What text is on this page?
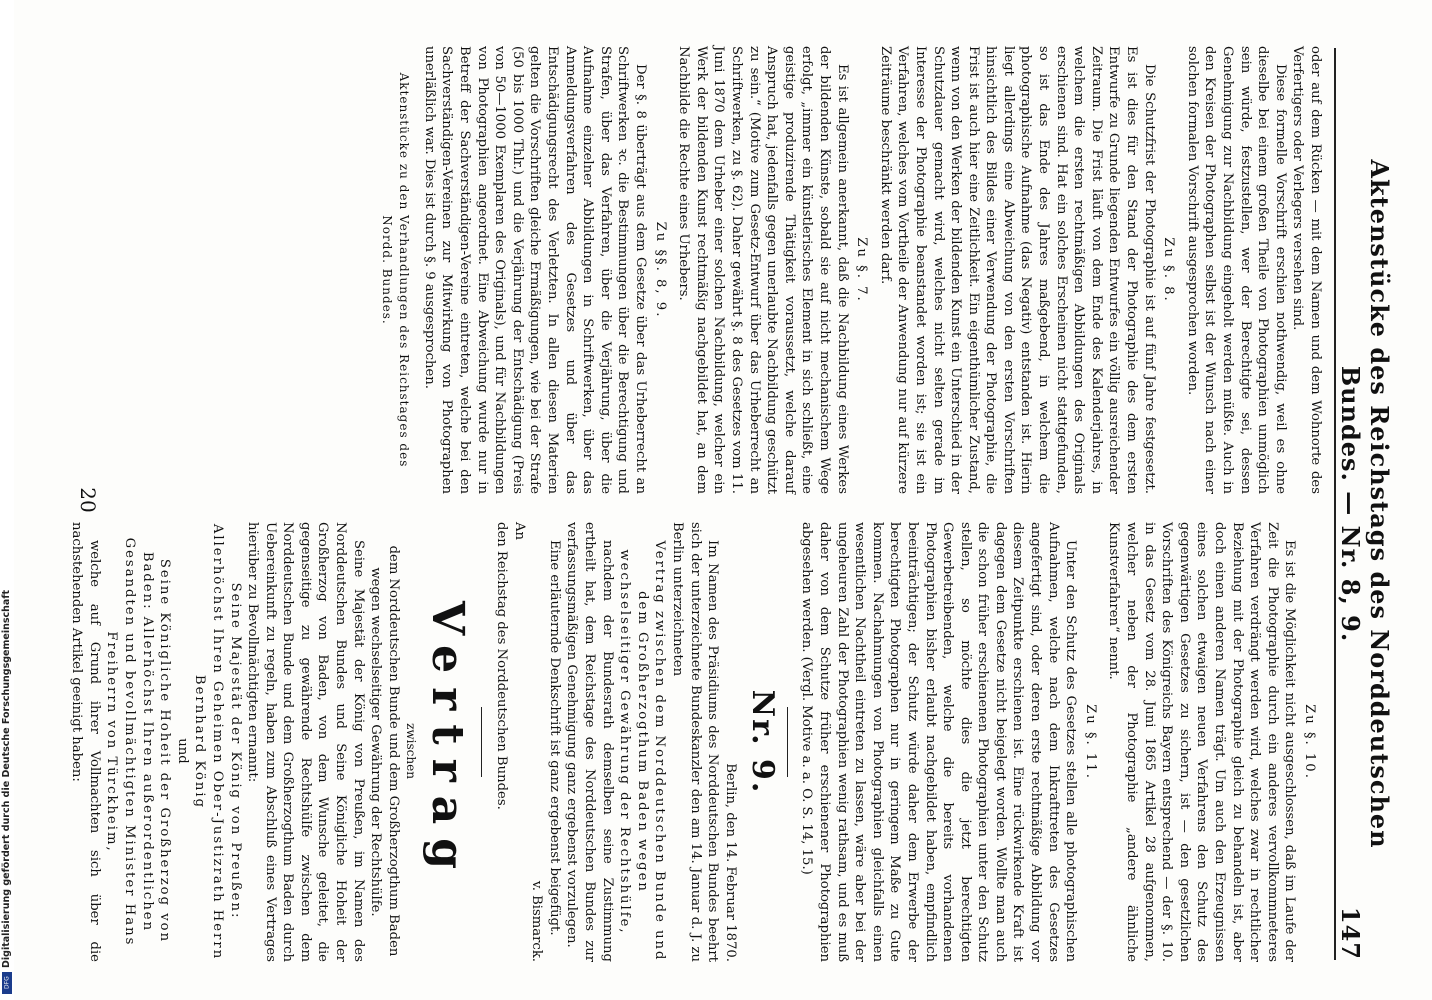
Aktenstücke des Reichstags des Norddeutschen Bundes. — Nr. 8, 9.
147

oder auf dem Rücken — mit dem Namen und dem Wohnorte des Verfertigers oder Verlegers versehen sind.

Diese formelle Vorschrift erschien nothwendig, weil es ohne dieselbe bei einem großen Theile von Photographien unmöglich sein würde, festzustellen, wer der Berechtigte sei, dessen Genehmigung zur Nachbildung eingeholt werden müßte. Auch in den Kreisen der Photographen selbst ist der Wunsch nach einer solchen formalen Vorschrift ausgesprochen worden.

Zu §. 8.

Die Schutzfrist der Photographie ist auf fünf Jahre festgesetzt. Es ist dies für den Stand der Photographie des dem ersten Entwurfe zu Grunde liegenden Entwurfes ein völlig ausreichender Zeitraum. Die Frist läuft von dem Ende des Kalenderjahres, in welchem die ersten rechtmäßigen Abbildungen des Originals erschienen sind. Hat ein solches Erscheinen nicht stattgefunden, so ist das Ende des Jahres maßgebend, in welchem die photographische Aufnahme (das Negativ) entstanden ist. Hierin liegt allerdings eine Abweichung von den ersten Vorschriften hinsichtlich des Bildes einer Verwendung der Photographie, die Frist ist auch hier eine Zeitlichkeit. Ein eigenthümlicher Zustand, wenn von den Werken der bildenden Kunst ein Unterschied in der Schutzdauer gemacht wird, welches nicht selten gerade im Interesse der Photographie beanstandet worden ist; sie ist ein Verfahren, welches vom Vortheile der Anwendung nur auf kürzere Zeiträume beschränkt werden darf.

Zu §. 7.

Es ist allgemein anerkannt, daß die Nachbildung eines Werkes der bildenden Künste, sobald sie auf nicht mechanischem Wege erfolgt, „immer ein künstlerisches Element in sich schließt, eine geistige produzirende Thätigkeit voraussetzt, welche darauf Anspruch hat, jedenfalls gegen unerlaubte Nachbildung geschützt zu sein.“ (Motive zum Gesetz-Entwurf über das Urheberrecht an Schriftwerken, zu §. 62). Daher gewährt §. 8 des Gesetzes vom 11. Juni 1870 dem Urheber einer solchen Nachbildung, welcher ein Werk der bildenden Kunst rechtmäßig nachgebildet hat, an dem Nachbilde die Rechte eines Urhebers.

Zu §§. 8, 9.

Der §. 8 überträgt aus dem Gesetze über das Urheberrecht an Schriftwerken ꝛc. die Bestimmungen über die Berechtigung und Strafen, über das Verfahren, über die Verjährung, über die Aufnahme einzelner Abbildungen in Schriftwerken, über das Anmeldungsverfahren des Gesetzes und über das Entschädigungsrecht des Verletzten. In allen diesen Materien gelten die Vorschriften gleiche Ermäßigungen, wie bei der Strafe (50 bis 1000 Thlr.) und die Verjährung der Entschädigung (Preis von 50—1000 Exemplaren des Originals), und für Nachbildungen von Photographien angeordnet. Eine Abweichung wurde nur in Betreff der Sachverständigen-Vereine eintreten, welche bei den Sachverständigen-Vereinen zur Mitwirkung von Photographen unerläßlich war. Dies ist durch §. 9 ausgesprochen.

Aktenstücke zu den Verhandlungen des Reichstages des Nordd. Bundes.

Zu §. 10.

Es ist die Möglichkeit nicht ausgeschlossen, daß im Laufe der Zeit die Photographie durch ein anderes vervollkommneteres Verfahren verdrängt werden wird, welches zwar in rechtlicher Beziehung mit der Photographie gleich zu behandeln ist, aber doch einen anderen Namen trägt. Um auch den Erzeugnissen eines solchen etwaigen neuen Verfahrens den Schutz des gegenwärtigen Gesetzes zu sichern, ist — den gesetzlichen Vorschriften des Königreichs Bayern entsprechend — der §. 10. in das Gesetz vom 28. Juni 1865 Artikel 28 aufgenommen, welcher neben der Photographie „andere ähnliche Kunstverfahren“ nennt.

Zu §. 11.

Unter den Schutz des Gesetzes stellen alle photographischen Aufnahmen, welche nach dem Inkrafttreten des Gesetzes angefertigt sind, oder deren erste rechtmäßige Abbildung vor diesem Zeitpunkte erschienen ist. Eine rückwirkende Kraft ist dagegen dem Gesetze nicht beigelegt worden. Wollte man auch die schon früher erschienenen Photographien unter den Schutz stellen, so möchte dies die jetzt berechtigten Gewerbetreibenden, welche die bereits vorhandenen Photographien bisher erlaubt nachgebildet haben, empfindlich beeinträchtigen; der Schutz würde daher dem Erwerbe der berechtigten Photographen nur in geringem Maße zu Gute kommen. Nachahmungen von Photographien gleichfalls einen wesentlichen Nachtheil eintreten zu lassen, wäre aber bei der ungeheuren Zahl der Photographien wenig rathsam, und es muß daher von dem Schutze früher erschienener Photographien abgesehen werden. (Vergl. Motive a. a. O. S. 14, 15.)

Nr. 9.

Berlin, den 14. Februar 1870.

Im Namen des Präsidiums des Norddeutschen Bundes beehrt sich der unterzeichnete Bundeskanzler den am 14. Januar d. J. zu Berlin unterzeichneten

Vertrag zwischen dem Norddeutschen Bunde und dem Großherzogthum Baden wegen wechselseitiger Gewährung der Rechtshülfe,

nachdem der Bundesrath demselben seine Zustimmung ertheilt hat, dem Reichstage des Norddeutschen Bundes zur verfassungsmäßigen Genehmigung ganz ergebenst vorzulegen.

Eine erläuternde Denkschrift ist ganz ergebenst beigefügt.

v. Bismarck.

An

den Reichstag des Norddeutschen Bundes.

Vertrag

zwischen

dem Norddeutschen Bunde und dem Großherzogthum Baden wegen wechselseitiger Gewährung der Rechtshülfe.

Seine Majestät der König von Preußen, im Namen des Norddeutschen Bundes und Seine Königliche Hoheit der Großherzog von Baden, von dem Wunsche geleitet, die gegenseitige zu gewährende Rechtshülfe zwischen dem Norddeutschen Bunde und dem Großherzogthum Baden durch Uebereinkunft zu regeln, haben zum Abschluß eines Vertrages hierüber zu Bevollmächtigten ernannt:

Seine Majestät der König von Preußen: Allerhöchst Ihren Geheimen Ober-Justizrath Herrn Bernhard König

und

Seine Königliche Hoheit der Großherzog von Baden: Allerhöchst Ihren außerordentlichen Gesandten und bevollmächtigten Minister Hans Freiherrn von Türckheim,

welche auf Grund ihrer Vollmachten sich über die nachstehenden Artikel geeinigt haben:

20
DFG
Digitalisierung gefördert durch die Deutsche Forschungsgemeinschaft
